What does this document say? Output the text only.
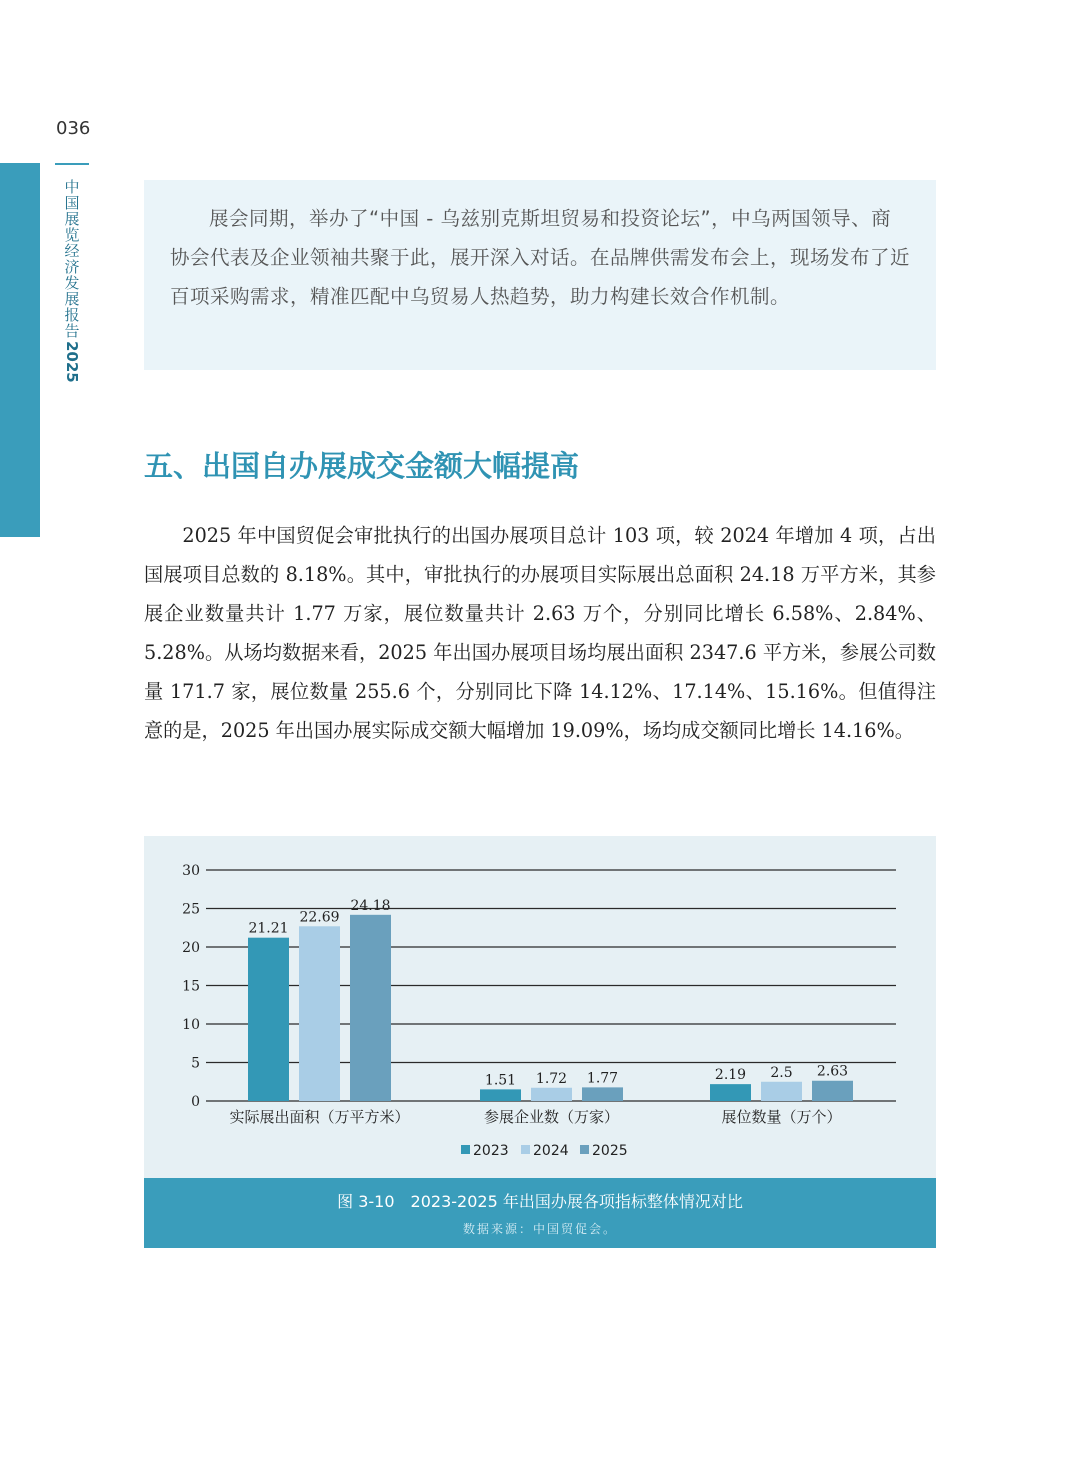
036
中国展览经济发展报告
2025

展会同期，举办了“中国 - 乌兹别克斯坦贸易和投资论坛”，中乌两国领导、商协会代表及企业领袖共聚于此，展开深入对话。在品牌供需发布会上，现场发布了近百项采购需求，精准匹配中乌贸易人热趋势，助力构建长效合作机制。

五、出国自办展成交金额大幅提高

2025 年中国贸促会审批执行的出国办展项目总计 103 项，较 2024 年增加 4 项，占出国展项目总数的 8.18%。其中，审批执行的办展项目实际展出总面积 24.18 万平方米，其参展企业数量共计 1.77 万家，展位数量共计 2.63 万个，分别同比增长 6.58%、2.84%、5.28%。从场均数据来看，2025 年出国办展项目场均展出面积 2347.6 平方米，参展公司数量 171.7 家，展位数量 255.6 个，分别同比下降 14.12%、17.14%、15.16%。但值得注意的是，2025 年出国办展实际成交额大幅增加 19.09%，场均成交额同比增长 14.16%。

0
5
10
15
20
25
30
21.21
1.51	2.19
22.69
1.72	2.5
24.18
1.77	2.63
实际展出面积（万平方米）	参展企业数（万家）	展位数量（万个）
2023 2024 2025
图 3-10　2023-2025 年出国办展各项指标整体情况对比
数据来源：中国贸促会。
